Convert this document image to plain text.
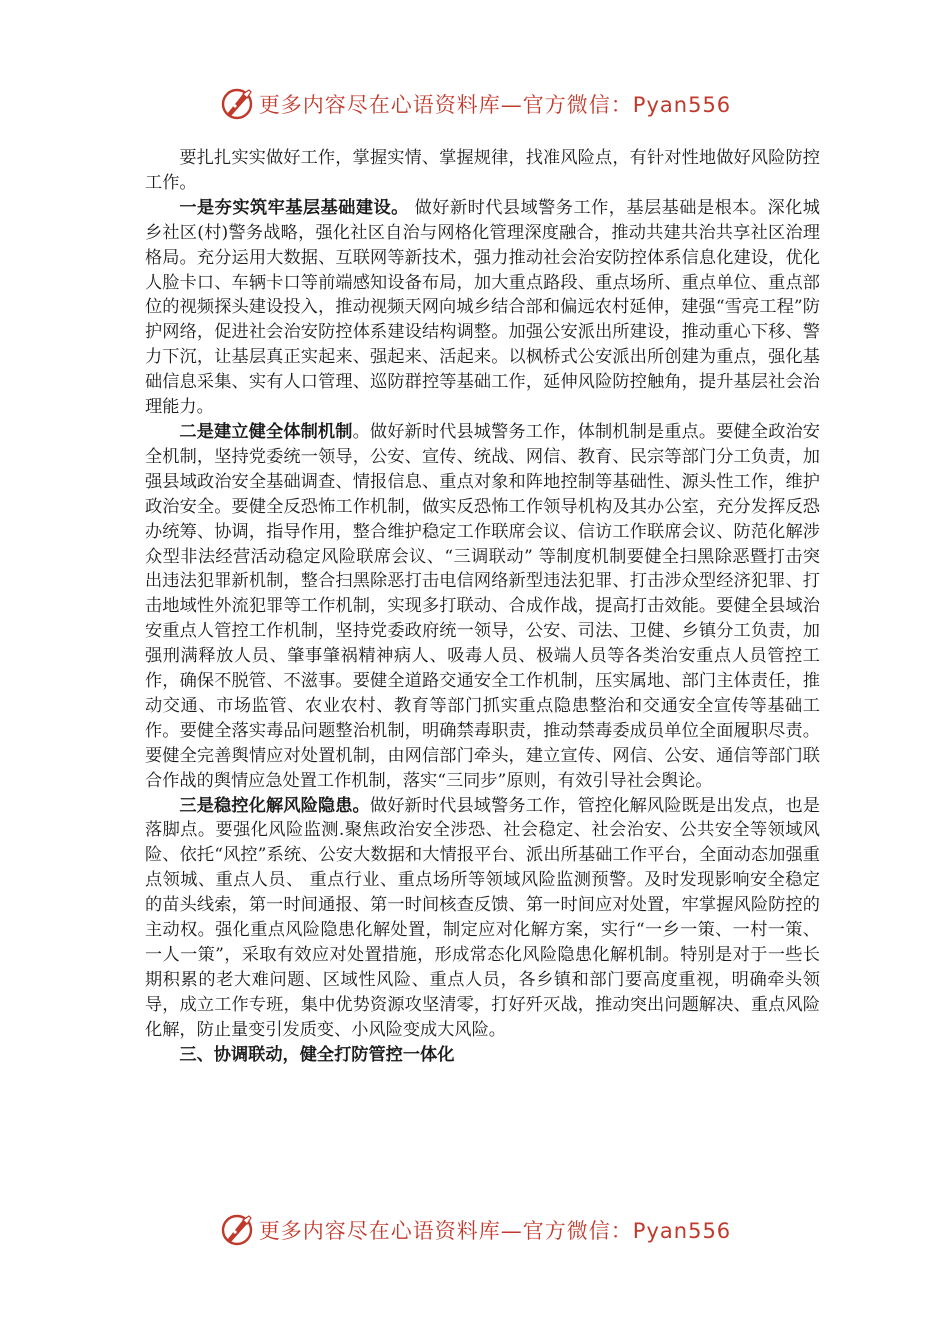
更多内容尽在心语资料库—官方微信：Pyan556

要扎扎实实做好工作，掌握实情、掌握规律，找准风险点，有针对性地做好风险防控工作。

一是夯实筑牢基层基础建设。 做好新时代县域警务工作，基层基础是根本。深化城乡社区(村)警务战略，强化社区自治与网格化管理深度融合，推动共建共治共享社区治理格局。充分运用大数据、互联网等新技术，强力推动社会治安防控体系信息化建设，优化人脸卡口、车辆卡口等前端感知设备布局，加大重点路段、重点场所、重点单位、重点部位的视频探头建设投入，推动视频天网向城乡结合部和偏远农村延伸，建强“雪亮工程”防护网络，促进社会治安防控体系建设结构调整。加强公安派出所建设，推动重心下移、警力下沉，让基层真正实起来、强起来、活起来。以枫桥式公安派出所创建为重点，强化基础信息采集、实有人口管理、巡防群控等基础工作，延伸风险防控触角，提升基层社会治理能力。

二是建立健全体制机制。做好新时代县城警务工作，体制机制是重点。要健全政治安全机制，坚持党委统一领导，公安、宣传、统战、网信、教育、民宗等部门分工负责，加强县域政治安全基础调查、情报信息、重点对象和阵地控制等基础性、源头性工作，维护政治安全。要健全反恐怖工作机制，做实反恐怖工作领导机构及其办公室，充分发挥反恐办统筹、协调，指导作用，整合维护稳定工作联席会议、信访工作联席会议、防范化解涉众型非法经营活动稳定风险联席会议、“三调联动” 等制度机制要健全扫黑除恶暨打击突出违法犯罪新机制，整合扫黑除恶打击电信网络新型违法犯罪、打击涉众型经济犯罪、打击地域性外流犯罪等工作机制，实现多打联动、合成作战，提高打击效能。要健全县域治安重点人管控工作机制，坚持党委政府统一领导，公安、司法、卫健、乡镇分工负责，加强刑满释放人员、肇事肇祸精神病人、吸毒人员、极端人员等各类治安重点人员管控工作，确保不脱管、不滋事。要健全道路交通安全工作机制，压实属地、部门主体责任，推动交通、市场监管、农业农村、教育等部门抓实重点隐患整治和交通安全宣传等基础工作。要健全落实毒品问题整治机制，明确禁毒职责，推动禁毒委成员单位全面履职尽责。要健全完善舆情应对处置机制，由网信部门牵头，建立宣传、网信、公安、通信等部门联合作战的舆情应急处置工作机制，落实“三同步”原则，有效引导社会舆论。

三是稳控化解风险隐患。做好新时代县域警务工作，管控化解风险既是出发点，也是落脚点。要强化风险监测.聚焦政治安全涉恐、社会稳定、社会治安、公共安全等领域风险、依托“风控”系统、公安大数据和大情报平台、派出所基础工作平台，全面动态加强重点领城、重点人员、 重点行业、重点场所等领域风险监测预警。及时发现影响安全稳定的苗头线索，第一时间通报、第一时间核查反馈、第一时间应对处置，牢掌握风险防控的主动权。强化重点风险隐患化解处置，制定应对化解方案，实行“一乡一策、一村一策、一人一策”，采取有效应对处置措施，形成常态化风险隐患化解机制。特别是对于一些长期积累的老大难问题、区域性风险、重点人员，各乡镇和部门要高度重视，明确牵头领导，成立工作专班，集中优势资源攻坚清零，打好歼灭战，推动突出问题解决、重点风险化解，防止量变引发质变、小风险变成大风险。

三、协调联动，健全打防管控一体化

更多内容尽在心语资料库—官方微信：Pyan556
